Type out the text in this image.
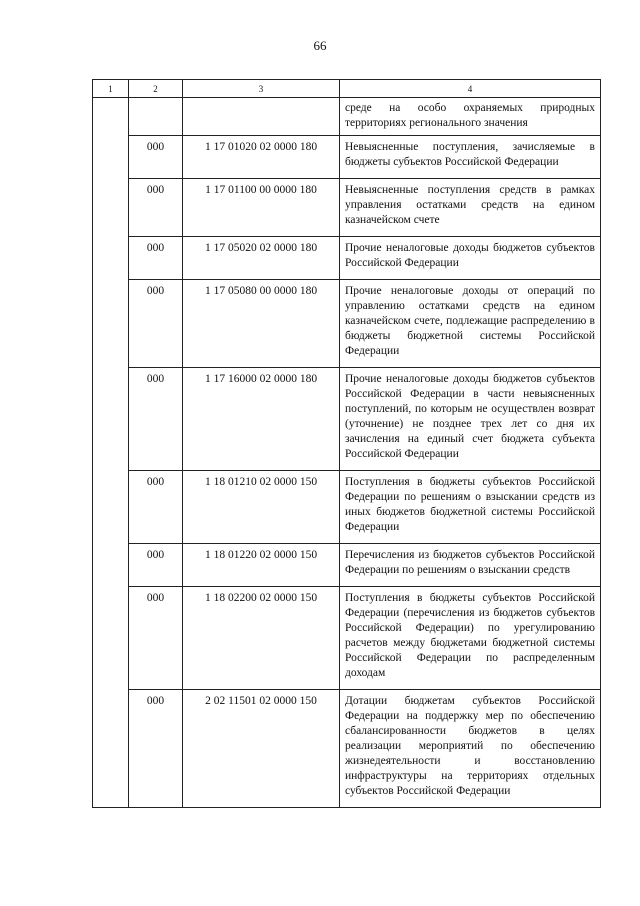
66
1	2	3	4
			среде на особо охраняемых природных территориях регионального значения
	000	1 17 01020 02 0000 180	Невыясненные поступления, зачисляемые в бюджеты субъектов Российской Федерации
	000	1 17 01100 00 0000 180	Невыясненные поступления средств в рамках управления остатками средств на едином казначейском счете
	000	1 17 05020 02 0000 180	Прочие неналоговые доходы бюджетов субъектов Российской Федерации
	000	1 17 05080 00 0000 180	Прочие неналоговые доходы от операций по управлению остатками средств на едином казначейском счете, подлежащие распределению в бюджеты бюджетной системы Российской Федерации
	000	1 17 16000 02 0000 180	Прочие неналоговые доходы бюджетов субъектов Российской Федерации в части невыясненных поступлений, по которым не осуществлен возврат (уточнение) не позднее трех лет со дня их зачисления на единый счет бюджета субъекта Российской Федерации
	000	1 18 01210 02 0000 150	Поступления в бюджеты субъектов Российской Федерации по решениям о взыскании средств из иных бюджетов бюджетной системы Российской Федерации
	000	1 18 01220 02 0000 150	Перечисления из бюджетов субъектов Российской Федерации по решениям о взыскании средств
	000	1 18 02200 02 0000 150	Поступления в бюджеты субъектов Российской Федерации (перечисления из бюджетов субъектов Российской Федерации) по урегулированию расчетов между бюджетами бюджетной системы Российской Федерации по распределенным доходам
	000	2 02 11501 02 0000 150	Дотации бюджетам субъектов Российской Федерации на поддержку мер по обеспечению сбалансированности бюджетов в целях реализации мероприятий по обеспечению жизнедеятельности и восстановлению инфраструктуры на территориях отдельных субъектов Российской Федерации
